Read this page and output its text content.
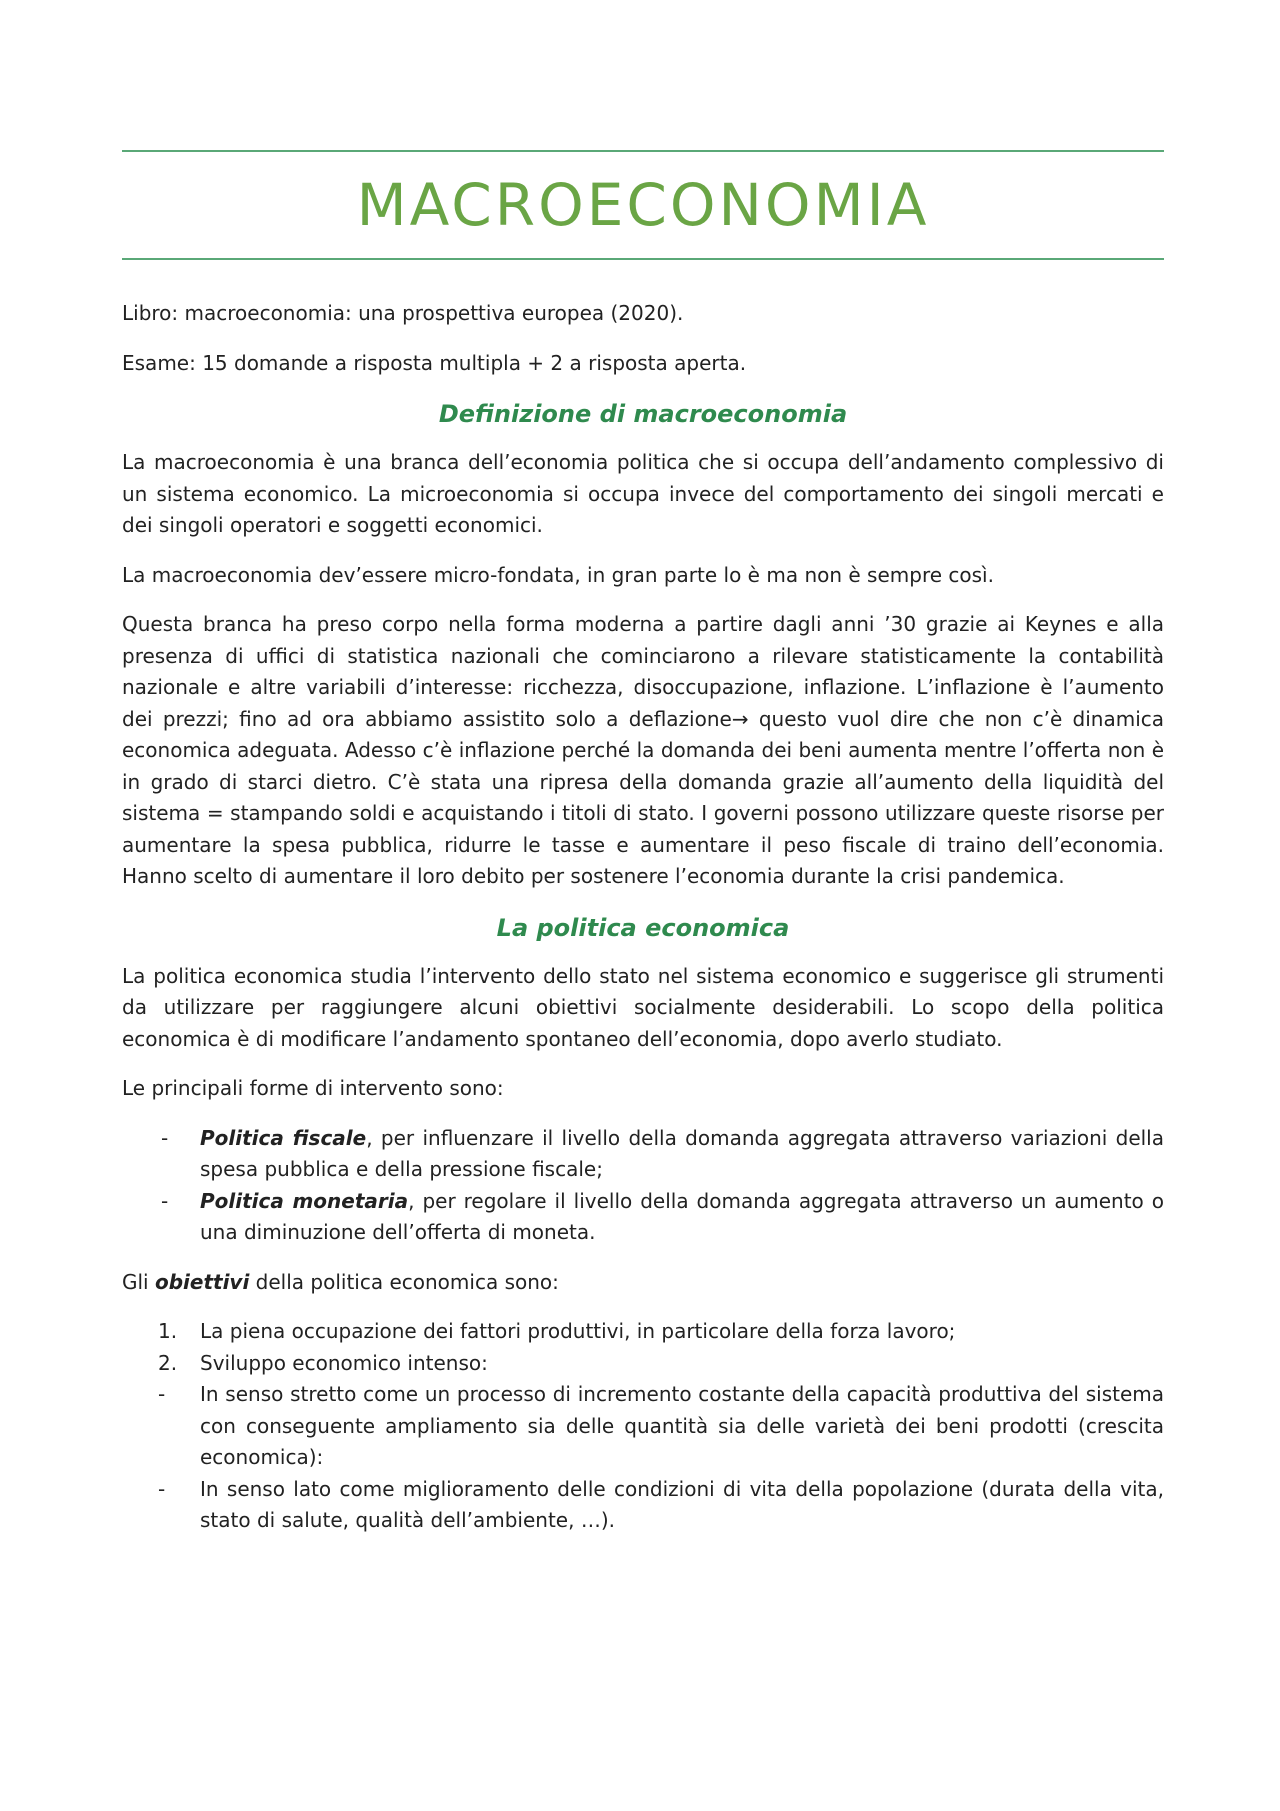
MACROECONOMIA

Libro: macroeconomia: una prospettiva europea (2020).

Esame: 15 domande a risposta multipla + 2 a risposta aperta.

Definizione di macroeconomia

La macroeconomia è una branca dell’economia politica che si occupa dell’andamento complessivo di un sistema economico. La microeconomia si occupa invece del comportamento dei singoli mercati e dei singoli operatori e soggetti economici.

La macroeconomia dev’essere micro-fondata, in gran parte lo è ma non è sempre così.

Questa branca ha preso corpo nella forma moderna a partire dagli anni ’30 grazie ai Keynes e alla presenza di uffici di statistica nazionali che cominciarono a rilevare statisticamente la contabilità nazionale e altre variabili d’interesse: ricchezza, disoccupazione, inflazione. L’inflazione è l’aumento dei prezzi; fino ad ora abbiamo assistito solo a deflazione→ questo vuol dire che non c’è dinamica economica adeguata. Adesso c’è inflazione perché la domanda dei beni aumenta mentre l’offerta non è in grado di starci dietro. C’è stata una ripresa della domanda grazie all’aumento della liquidità del sistema = stampando soldi e acquistando i titoli di stato. I governi possono utilizzare queste risorse per aumentare la spesa pubblica, ridurre le tasse e aumentare il peso fiscale di traino dell’economia. Hanno scelto di aumentare il loro debito per sostenere l’economia durante la crisi pandemica.

La politica economica

La politica economica studia l’intervento dello stato nel sistema economico e suggerisce gli strumenti da utilizzare per raggiungere alcuni obiettivi socialmente desiderabili. Lo scopo della politica economica è di modificare l’andamento spontaneo dell’economia, dopo averlo studiato.

Le principali forme di intervento sono:

- Politica fiscale, per influenzare il livello della domanda aggregata attraverso variazioni della spesa pubblica e della pressione fiscale;
- Politica monetaria, per regolare il livello della domanda aggregata attraverso un aumento o una diminuzione dell’offerta di moneta.

Gli obiettivi della politica economica sono:

1. La piena occupazione dei fattori produttivi, in particolare della forza lavoro;
2. Sviluppo economico intenso:
- In senso stretto come un processo di incremento costante della capacità produttiva del sistema con conseguente ampliamento sia delle quantità sia delle varietà dei beni prodotti (crescita economica):
- In senso lato come miglioramento delle condizioni di vita della popolazione (durata della vita, stato di salute, qualità dell’ambiente, …).
